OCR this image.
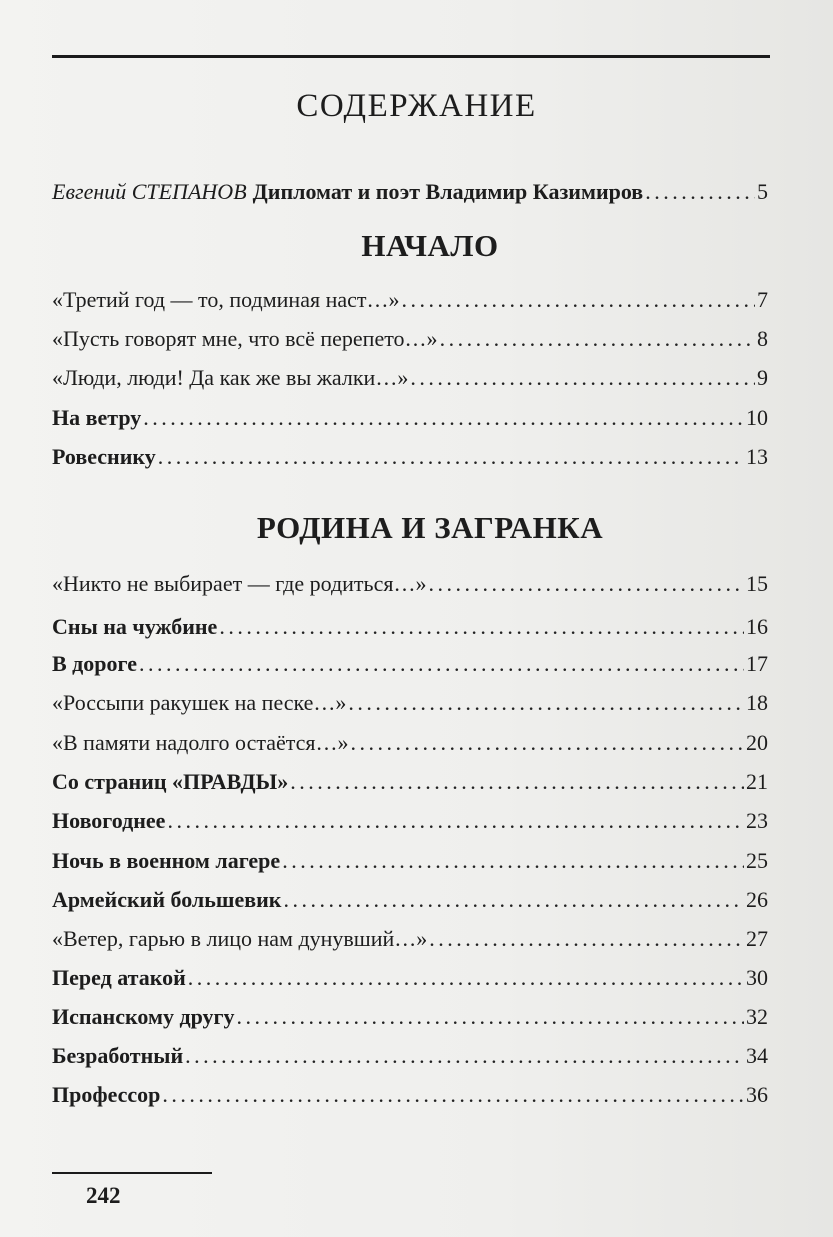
СОДЕРЖАНИЕ
Евгений СТЕПАНОВ Дипломат и поэт Владимир Казимиров . . .	5
НАЧАЛО
«Третий год — то, подминая наст…» . . .	7
«Пусть говорят мне, что всё перепето…» . . .	8
«Люди, люди! Да как же вы жалки…» . . .	9
На ветру . . .	10
Ровеснику . . .	13
РОДИНА И ЗАГРАНКА
«Никто не выбирает — где родиться…» . . .	15
Сны на чужбине . . .	16
В дороге . . .	17
«Россыпи ракушек на песке…» . . .	18
«В памяти надолго остаётся…» . . .	20
Со страниц «ПРАВДЫ» . . .	21
Новогоднее . . .	23
Ночь в военном лагере . . .	25
Армейский большевик . . .	26
«Ветер, гарью в лицо нам дунувший…» . . .	27
Перед атакой . . .	30
Испанскому другу . . .	32
Безработный . . .	34
Профессор . . .	36
242
